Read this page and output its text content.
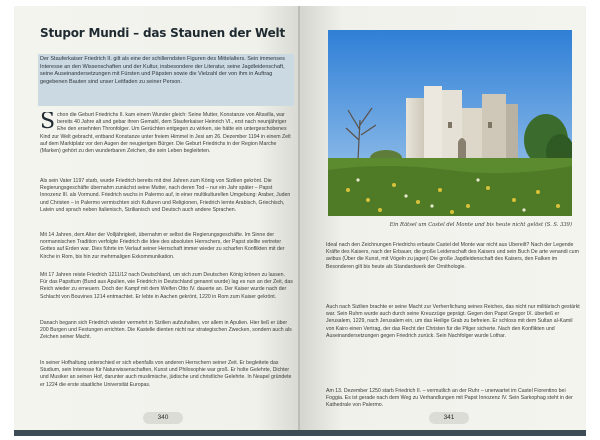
Stupor Mundi – das Staunen der Welt
Der Stauferkaiser Friedrich II. gilt als eine der schillerndsten Figuren des Mittelalters. Sein immenses Interesse an den Wissenschaften und der Kultur, insbesondere der Literatur, seine Jagdleidenschaft, seine Auseinandersetzungen mit Fürsten und Päpsten sowie die Vielzahl der von ihm in Auftrag gegebenen Bauten sind unser Leitfaden zu seiner Person.
Schon die Geburt Friedrichs II. kam einem Wunder gleich: Seine Mutter, Konstanze von Altavilla, war bereits 40 Jahre alt und gebar ihren Gemahl, dem Stauferkaiser Heinrich VI., erst nach neunjähriger Ehe den ersehnten Thronfolger. Um Gerüchten entgegen zu wirken, sie hätte ein untergeschobenes Kind zur Welt gebracht, entband Konstanze unter freiem Himmel in Jesi am 26. Dezember 1194 in einem Zelt auf dem Marktplatz vor den Augen der neugierigen Bürger. Die Geburt Friedrichs in der Region Marche (Marken) gehört zu den wunderbaren Zeichen, die sein Leben begleiteten.
Als sein Vater 1197 starb, wurde Friedrich bereits mit drei Jahren zum König von Sizilien gekrönt. Die Regierungsgeschäfte übernahm zunächst seine Mutter, nach deren Tod – nur ein Jahr später – Papst Innozenz III. als Vormund. Friedrich wuchs in Palermo auf, in einer multikulturellen Umgebung: Araber, Juden und Christen – in Palermo vermischten sich Kulturen und Religionen, Friedrich lernte Arabisch, Griechisch, Latein und sprach neben Italienisch, Sizilianisch und Deutsch auch andere Sprachen.
Mit 14 Jahren, dem Alter der Volljährigkeit, übernahm er selbst die Regierungsgeschäfte. Im Sinne der normannischen Tradition verfolgte Friedrich die Idee des absoluten Herrschers, der Papst stellte vertreter Gottes auf Erden war. Dies führte im Verlauf seiner Herrschaft immer wieder zu scharfen Konflikten mit der Kirche in Rom, bis hin zur mehrmaligen Exkommunikation.
Mit 17 Jahren reiste Friedrich 1211/12 nach Deutschland, um sich zum Deutschen König krönen zu lassen. Für das Papsttum (Bund aus Apulien, wie Friedrich in Deutschland genannt wurde) lag es nun an der Zeit, das Reich wieder zu erneuern. Doch der Kampf mit dem Welfen Otto IV. dauerte an. Der Kaiser wurde nach der Schlacht von Bouvines 1214 entmachtet. Er lebte in Aachen gekrönt, 1220 in Rom zum Kaiser gekrönt.
Danach begann sich Friedrich wieder vermehrt in Sizilien aufzuhalten, vor allem in Apulien. Hier ließ er über 200 Burgen und Festungen errichten. Die Kastelle dienten nicht nur strategischen Zwecken, sondern auch als Zeichen seiner Macht.
In seiner Hofhaltung unterschied er sich ebenfalls von anderen Herrschern seiner Zeit. Er begleitete das Studium, sein Interesse für Naturwissenschaften, Kunst und Philosophie war groß. Er holte Gelehrte, Dichter und Musiker an seinen Hof, darunter auch muslimische, jüdische und christliche Gelehrte. In Neapel gründete er 1224 die erste staatliche Universität Europas.
340
Ein Rätsel um Castel del Monte und bis heute nicht gelöst (S. S. 339)
Ideal nach den Zeichnungen Friedrichs erbaute Castel del Monte war nicht aus Übereilt? Nach der Legende Kräfte des Kaisers, nach der Erbauer, die große Leidenschaft des Kaisers und sein Buch De arte venandi cum avibus (Über die Kunst, mit Vögeln zu jagen) Die große Jagdleidenschaft des Kaisers, den Falken im Besonderen gilt bis heute als Standardwerk der Ornithologie.
Auch nach Sizilien brachte er seine Macht zur Verherrlichung seines Reiches, das nicht nur militärisch gestärkt war. Sein Ruhm wurde auch durch seine Kreuzzüge geprägt. Gegen den Papst Gregor IX. überließ er Jerusalem, 1229, nach Jerusalem ein, um das Heilige Grab zu befreien. Er schloss mit dem Sultan al-Kamil von Kairo einen Vertrag, der das Recht der Christen für die Pilger sicherte. Nach den Konflikten und Auseinandersetzungen gegen Friedrich zurück. Sein Nachfolger wurde Lothar.
Am 13. Dezember 1250 starb Friedrich II. – vermutlich an der Ruhr – unerwartet im Castel Fiorentino bei Foggia. Es ist gerade nach dem Weg zu Verhandlungen mit Papst Innozenz IV. Sein Sarkophag steht in der Kathedrale von Palermo.
341
